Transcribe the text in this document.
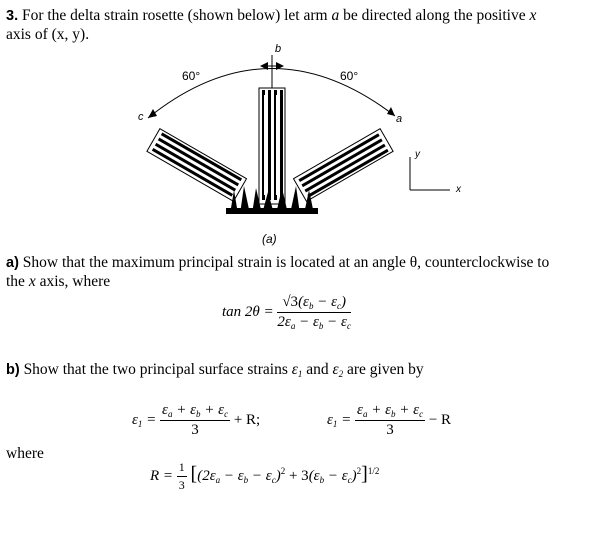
3. For the delta strain rosette (shown below) let arm a be directed along the positive x
axis of (x, y).
60°	60°
b
c	a
y
x
(a)
a) Show that the maximum principal strain is located at an angle θ, counterclockwise to
the x axis, where
$\tan 2\theta = \frac{√3(\varepsilon_b - \varepsilon_c)}{2\varepsilon_a - \varepsilon_b - \varepsilon_c}$
b) Show that the two principal surface strains $\varepsilon_1$ and $\varepsilon_2$ are given by
$\varepsilon_1 = \frac{\varepsilon_a + \varepsilon_b + \varepsilon_c}{3} + R$;	$\varepsilon_1 = \frac{\varepsilon_a + \varepsilon_b + \varepsilon_c}{3} - R$
where
$R = \frac{1}{3} [(2\varepsilon_a - \varepsilon_b - \varepsilon_c)^2 + 3(\varepsilon_b - \varepsilon_c)^2]^{1/2}$
